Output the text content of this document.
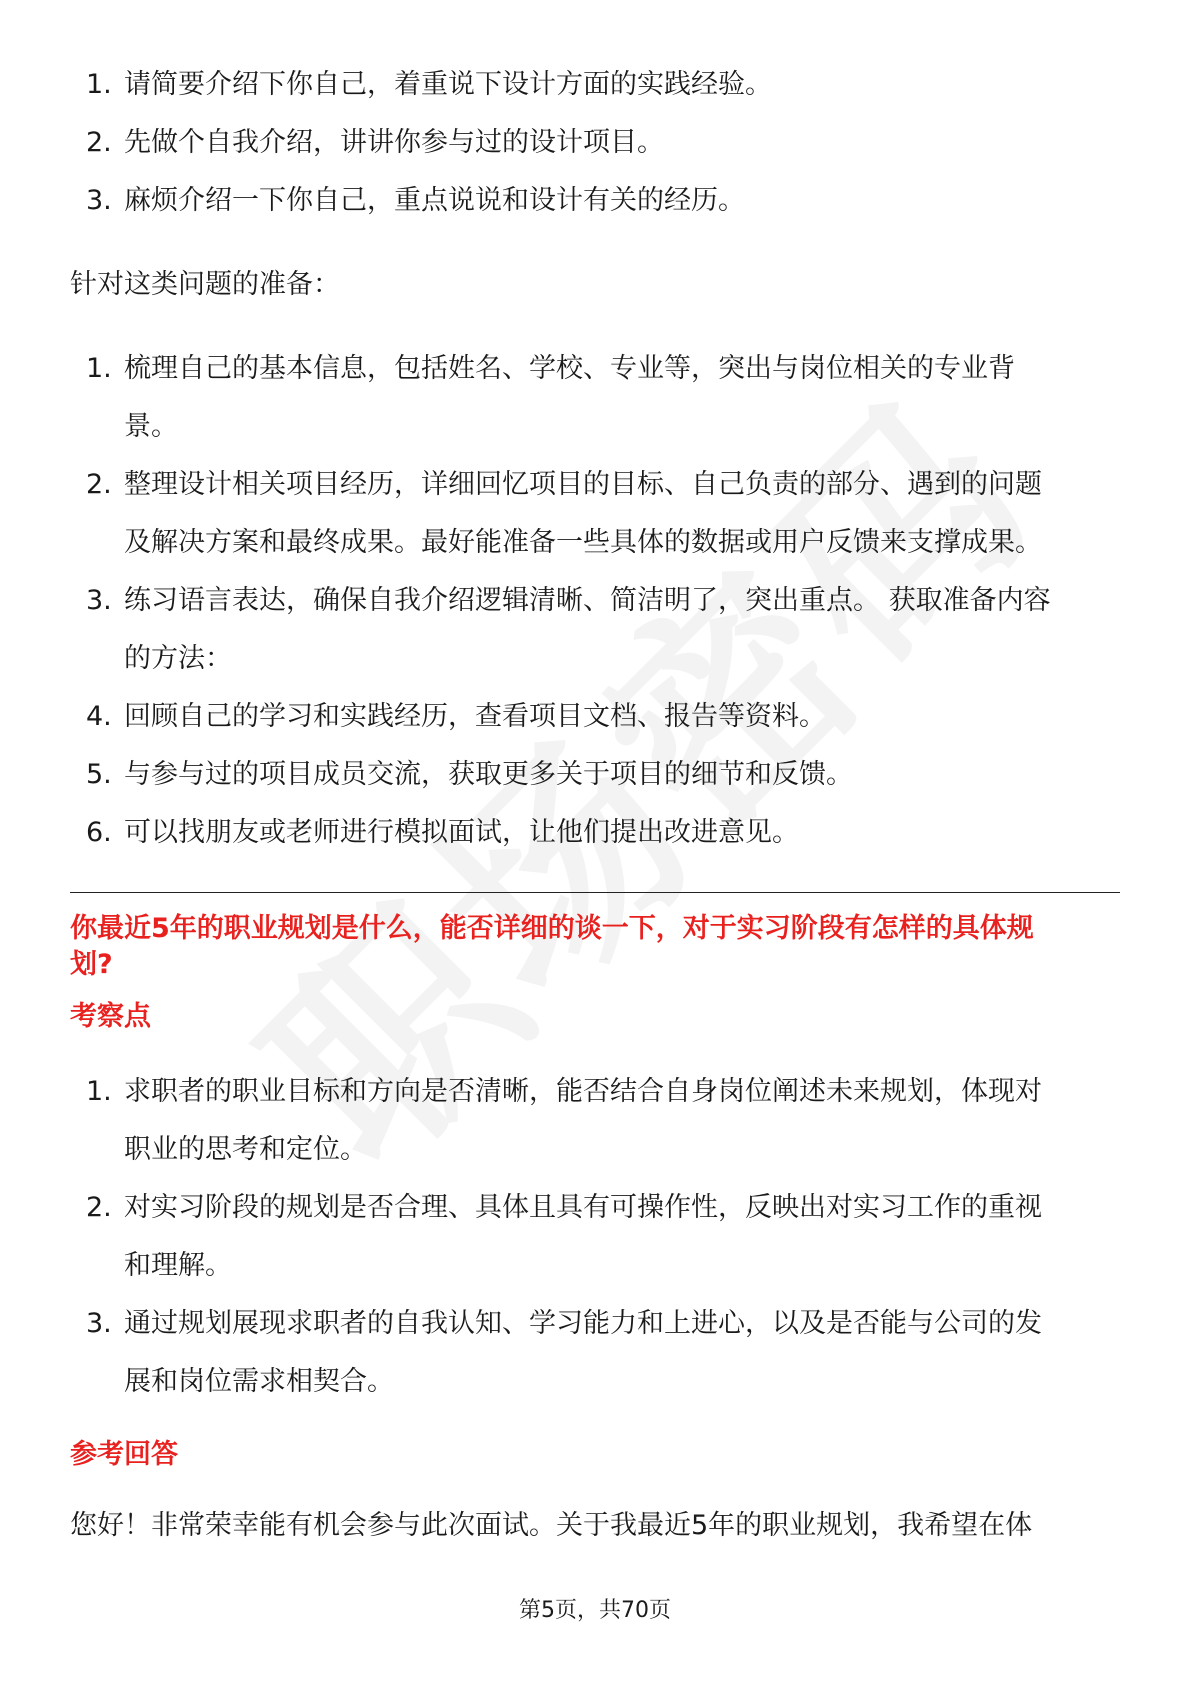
1. 请简要介绍下你自己，着重说下设计方面的实践经验。
2. 先做个自我介绍，讲讲你参与过的设计项目。
3. 麻烦介绍一下你自己，重点说说和设计有关的经历。
针对这类问题的准备：
1. 梳理自己的基本信息，包括姓名、学校、专业等，突出与岗位相关的专业背
景。
2. 整理设计相关项目经历，详细回忆项目的目标、自己负责的部分、遇到的问题
及解决方案和最终成果。最好能准备一些具体的数据或用户反馈来支撑成果。
3. 练习语言表达，确保自我介绍逻辑清晰、简洁明了，突出重点。 获取准备内容
的方法：
4. 回顾自己的学习和实践经历，查看项目文档、报告等资料。
5. 与参与过的项目成员交流，获取更多关于项目的细节和反馈。
6. 可以找朋友或老师进行模拟面试，让他们提出改进意见。
你最近5年的职业规划是什么，能否详细的谈一下，对于实习阶段有怎样的具体规
划?
考察点
1. 求职者的职业目标和方向是否清晰，能否结合自身岗位阐述未来规划，体现对
职业的思考和定位。
2. 对实习阶段的规划是否合理、具体且具有可操作性，反映出对实习工作的重视
和理解。
3. 通过规划展现求职者的自我认知、学习能力和上进心，以及是否能与公司的发
展和岗位需求相契合。
参考回答
您好！非常荣幸能有机会参与此次面试。关于我最近5年的职业规划，我希望在体
第5页，共70页
